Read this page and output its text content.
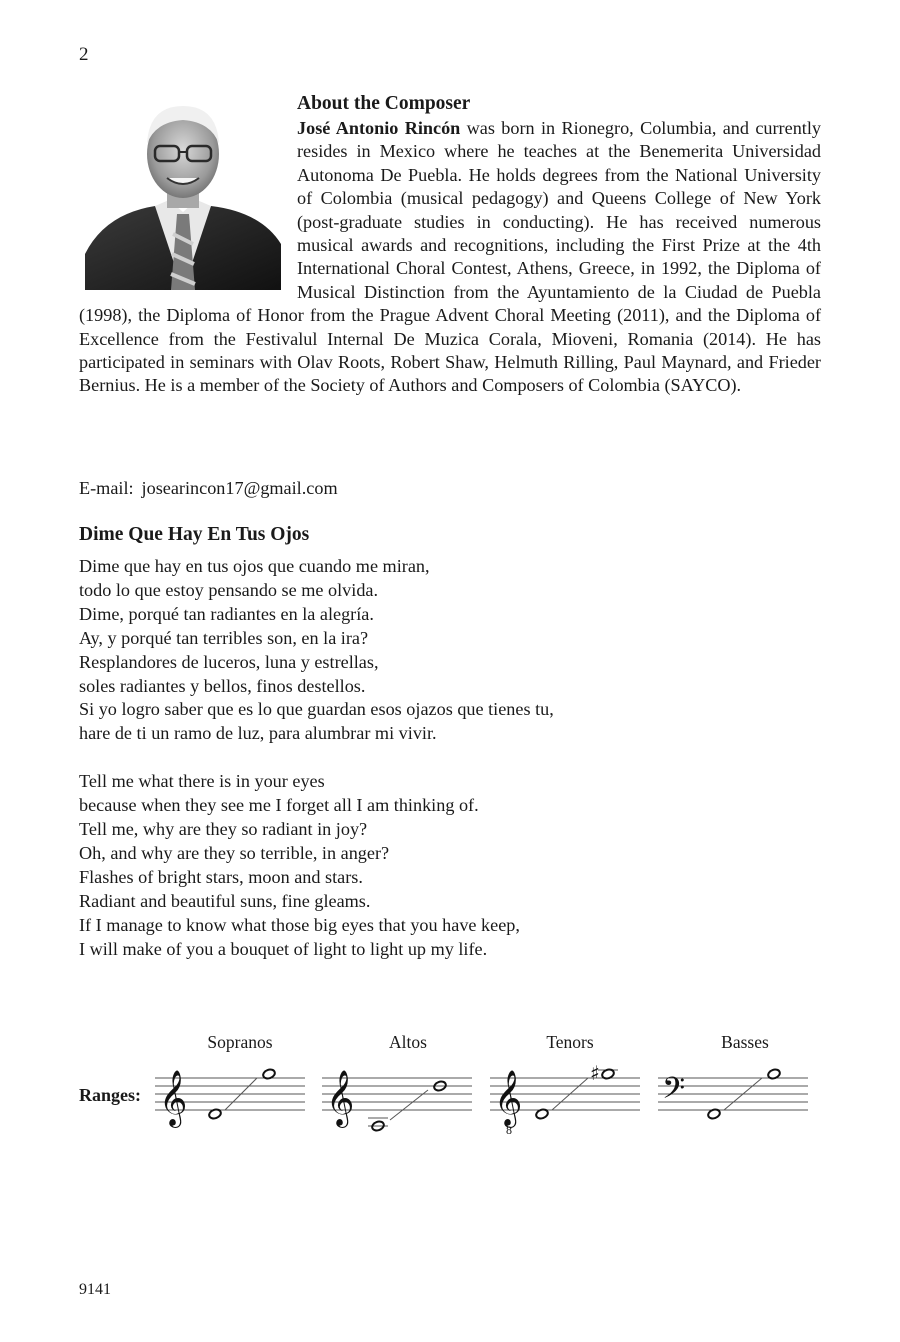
2
About the Composer

José Antonio Rincón was born in Rionegro, Columbia, and currently resides in Mexico where he teaches at the Benemerita Universidad Autonoma De Puebla. He holds degrees from the National University of Colombia (musical pedagogy) and Queens College of New York (post-graduate studies in conducting). He has received numerous musical awards and recognitions, including the First Prize at the 4th International Choral Contest, Athens, Greece, in 1992, the Diploma of Musical Distinction from the Ayuntamiento de la Ciudad de Puebla (1998), the Diploma of Honor from the Prague Advent Choral Meeting (2011), and the Diploma of Excellence from the Festivalul Internal De Muzica Corala, Mioveni, Romania (2014). He has participated in seminars with Olav Roots, Robert Shaw, Helmuth Rilling, Paul Maynard, and Frieder Bernius. He is a member of the Society of Authors and Composers of Colombia (SAYCO).

E-mail: josearincon17@gmail.com
Dime Que Hay En Tus Ojos
Dime que hay en tus ojos que cuando me miran,
todo lo que estoy pensando se me olvida.
Dime, porqué tan radiantes en la alegría.
Ay, y porqué tan terribles son, en la ira?
Resplandores de luceros, luna y estrellas,
soles radiantes y bellos, finos destellos.
Si yo logro saber que es lo que guardan esos ojazos que tienes tu,
hare de ti un ramo de luz, para alumbrar mi vivir.
Tell me what there is in your eyes
because when they see me I forget all I am thinking of.
Tell me, why are they so radiant in joy?
Oh, and why are they so terrible, in anger?
Flashes of bright stars, moon and stars.
Radiant and beautiful suns, fine gleams.
If I manage to know what those big eyes that you have keep,
I will make of you a bouquet of light to light up my life.
Ranges:
Sopranos	Altos	Tenors	Basses
𝄞	𝄞	𝄞
8
♯ 𝄢
9141
